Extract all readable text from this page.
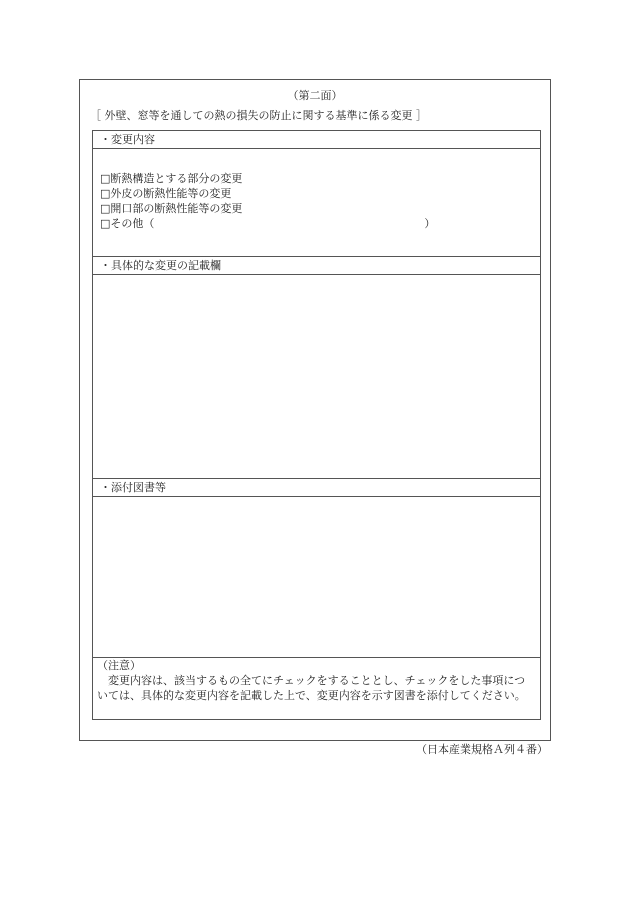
（第二面）
［ 外壁、窓等を通しての熱の損失の防止に関する基準に係る変更 ］
・変更内容
□断熱構造とする部分の変更
□外皮の断熱性能等の変更
□開口部の断熱性能等の変更
□その他（	）
・具体的な変更の記載欄
・添付図書等

（注意）

　変更内容は、該当するもの全てにチェックをすることとし、チェックをした事項については、具体的な変更内容を記載した上で、変更内容を示す図書を添付してください。

（日本産業規格Ａ列４番）
